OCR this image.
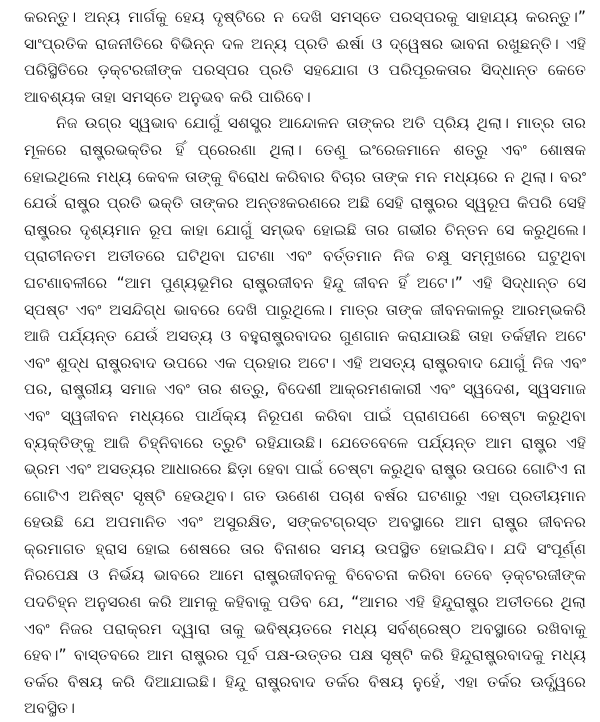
କରନ୍ତୁ। ଅନ୍ୟ ମାର୍ଗକୁ ହେୟ ଦୃଷ୍ଟିରେ ନ ଦେଖି ସମସ୍ତେ ପରସ୍ପରକୁ ସାହାଯ୍ୟ କରନ୍ତୁ।” ସାଂପ୍ରତିକ ରାଜନୀତିରେ ବିଭିନ୍ନ ଦଳ ଅନ୍ୟ ପ୍ରତି ଈର୍ଷା ଓ ଦ୍ୱେଷର ଭାବନା ରଖୁଛନ୍ତି। ଏହି ପରିସ୍ଥିତିରେ ଡ଼କ୍ଟରଜୀଙ୍କ ପରସ୍ପର ପ୍ରତି ସହଯୋଗ ଓ ପରିପୂରକତାର ସିଦ୍ଧାନ୍ତ କେତେ ଆବଶ୍ୟକ ତାହା ସମସ୍ତେ ଅନୁଭବ କରି ପାରିବେ।

ନିଜ ଉଗ୍ର ସ୍ୱଭାବ ଯୋଗୁଁ ସଶସ୍ତ୍ର ଆନ୍ଦୋଳନ ତାଙ୍କର ଅତି ପ୍ରିୟ ଥିଲା। ମାତ୍ର ତାର ମୂଳରେ ରାଷ୍ଟ୍ରଭକ୍ତିର ହିଁ ପ୍ରେରଣା ଥିଲା। ତେଣୁ ଇଂରେଜମାନେ ଶତ୍ରୁ ଏବଂ ଶୋଷକ ହୋଇଥିଲେ ମଧ୍ୟ କେବଳ ତାଙ୍କୁ ବିରୋଧ କରିବାର ବିଚାର ତାଙ୍କ ମନ ମଧ୍ୟରେ ନ ଥିଲା। ବରଂ ଯେଉଁ ରାଷ୍ଟ୍ର ପ୍ରତି ଭକ୍ତି ତାଙ୍କର ଅନ୍ତଃକରଣରେ ଅଛି ସେହି ରାଷ୍ଟ୍ରର ସ୍ୱରୂପ କିପରି ସେହି ରାଷ୍ଟ୍ରର ଦୃଶ୍ୟମାନ ରୂପ କାହା ଯୋଗୁଁ ସମ୍ଭବ ହୋଇଛି ତାର ଗଭୀର ଚିନ୍ତନ ସେ କରୁଥିଲେ। ପ୍ରାଚୀନତମ ଅତୀତରେ ଘଟିଥିବା ଘଟଣା ଏବଂ ବର୍ତ୍ତମାନ ନିଜ ଚକ୍ଷୁ ସମ୍ମୁଖରେ ଘଟୁଥିବା ଘଟଣାବଳୀରେ “ଆମ ପୁଣ୍ୟଭୂମିର ରାଷ୍ଟ୍ରଜୀବନ ହିନ୍ଦୁ ଜୀବନ ହିଁ ଅଟେ।” ଏହି ସିଦ୍ଧାନ୍ତ ସେ ସ୍ପଷ୍ଟ ଏବଂ ଅସନ୍ଦିଗ୍ଧ ଭାବରେ ଦେଖି ପାରୁଥିଲେ। ମାତ୍ର ତାଙ୍କ ଜୀବନକାଳରୁ ଆରମ୍ଭକରି ଆଜି ପର୍ଯ୍ୟନ୍ତ ଯେଉଁ ଅସତ୍ୟ ଓ ବହୁରାଷ୍ଟ୍ରବାଦର ଗୁଣଗାନ କରାଯାଉଛି ତାହା ତର୍କହୀନ ଅଟେ ଏବଂ ଶୁଦ୍ଧ ରାଷ୍ଟ୍ରବାଦ ଉପରେ ଏକ ପ୍ରହାର ଅଟେ। ଏହି ଅସତ୍ୟ ରାଷ୍ଟ୍ରବାଦ ଯୋଗୁଁ ନିଜ ଏବଂ ପର, ରାଷ୍ଟ୍ରୀୟ ସମାଜ ଏବଂ ତାର ଶତ୍ରୁ, ବିଦେଶୀ ଆକ୍ରମଣକାରୀ ଏବଂ ସ୍ୱଦେଶ, ସ୍ୱସମାଜ ଏବଂ ସ୍ୱଜୀବନ ମଧ୍ୟରେ ପାର୍ଥକ୍ୟ ନିରୂପଣ କରିବା ପାଇଁ ପ୍ରାଣପଣେ ଚେଷ୍ଟା କରୁଥିବା ବ୍ୟକ୍ତିଙ୍କୁ ଆଜି ଚିହ୍ନିବାରେ ତ୍ରୁଟି ରହିଯାଉଛି। ଯେତେବେଳେ ପର୍ଯ୍ୟନ୍ତ ଆମ ରାଷ୍ଟ୍ର ଏହି ଭ୍ରମ ଏବଂ ଅସତ୍ୟର ଆଧାରରେ ଛିଡ଼ା ହେବା ପାଇଁ ଚେଷ୍ଟା କରୁଥିବ ରାଷ୍ଟ୍ର ଉପରେ ଗୋଟିଏ ନା ଗୋଟିଏ ଅନିଷ୍ଟ ସୃଷ୍ଟି ହେଉଥିବ। ଗତ ଊଣେଶ ପଚାଶ ବର୍ଷର ଘଟଣାରୁ ଏହା ପ୍ରତୀୟମାନ ହେଉଛି ଯେ ଅପମାନିତ ଏବଂ ଅସୁରକ୍ଷିତ, ସଙ୍କଟଗ୍ରସ୍ତ ଅବସ୍ଥାରେ ଆମ ରାଷ୍ଟ୍ର ଜୀବନର କ୍ରମାଗତ ହ୍ରାସ ହୋଇ ଶେଷରେ ତାର ବିନାଶର ସମୟ ଉପସ୍ଥିତ ହୋଇଯିବ। ଯଦି ସଂପୂର୍ଣ୍ଣ ନିରପେକ୍ଷ ଓ ନିର୍ଭୟ ଭାବରେ ଆମେ ରାଷ୍ଟ୍ରଜୀବନକୁ ବିବେଚନା କରିବା ତେବେ ଡ଼କ୍ଟରଜୀଙ୍କ ପଦଚିହ୍ନ ଅନୁସରଣ କରି ଆମକୁ କହିବାକୁ ପଡିବ ଯେ, “ଆମର ଏହି ହିନ୍ଦୁରାଷ୍ଟ୍ର ଅତୀତରେ ଥିଲା ଏବଂ ନିଜର ପରାକ୍ରମ ଦ୍ୱାରା ତାକୁ ଭବିଷ୍ୟତରେ ମଧ୍ୟ ସର୍ବଶ୍ରେଷ୍ଠ ଅବସ୍ଥାରେ ରଖିବାକୁ ହେବ।” ବାସ୍ତବରେ ଆମ ରାଷ୍ଟ୍ରର ପୂର୍ବ ପକ୍ଷ-ଉତ୍ତର ପକ୍ଷ ସୃଷ୍ଟି କରି ହିନ୍ଦୁରାଷ୍ଟ୍ରବାଦକୁ ମଧ୍ୟ ତର୍କର ବିଷୟ କରି ଦିଆଯାଇଛି। ହିନ୍ଦୁ ରାଷ୍ଟ୍ରବାଦ ତର୍କର ବିଷୟ ନୁହେଁ, ଏହା ତର୍କର ଊର୍ଦ୍ଧ୍ୱରେ ଅବସ୍ଥିତ।
